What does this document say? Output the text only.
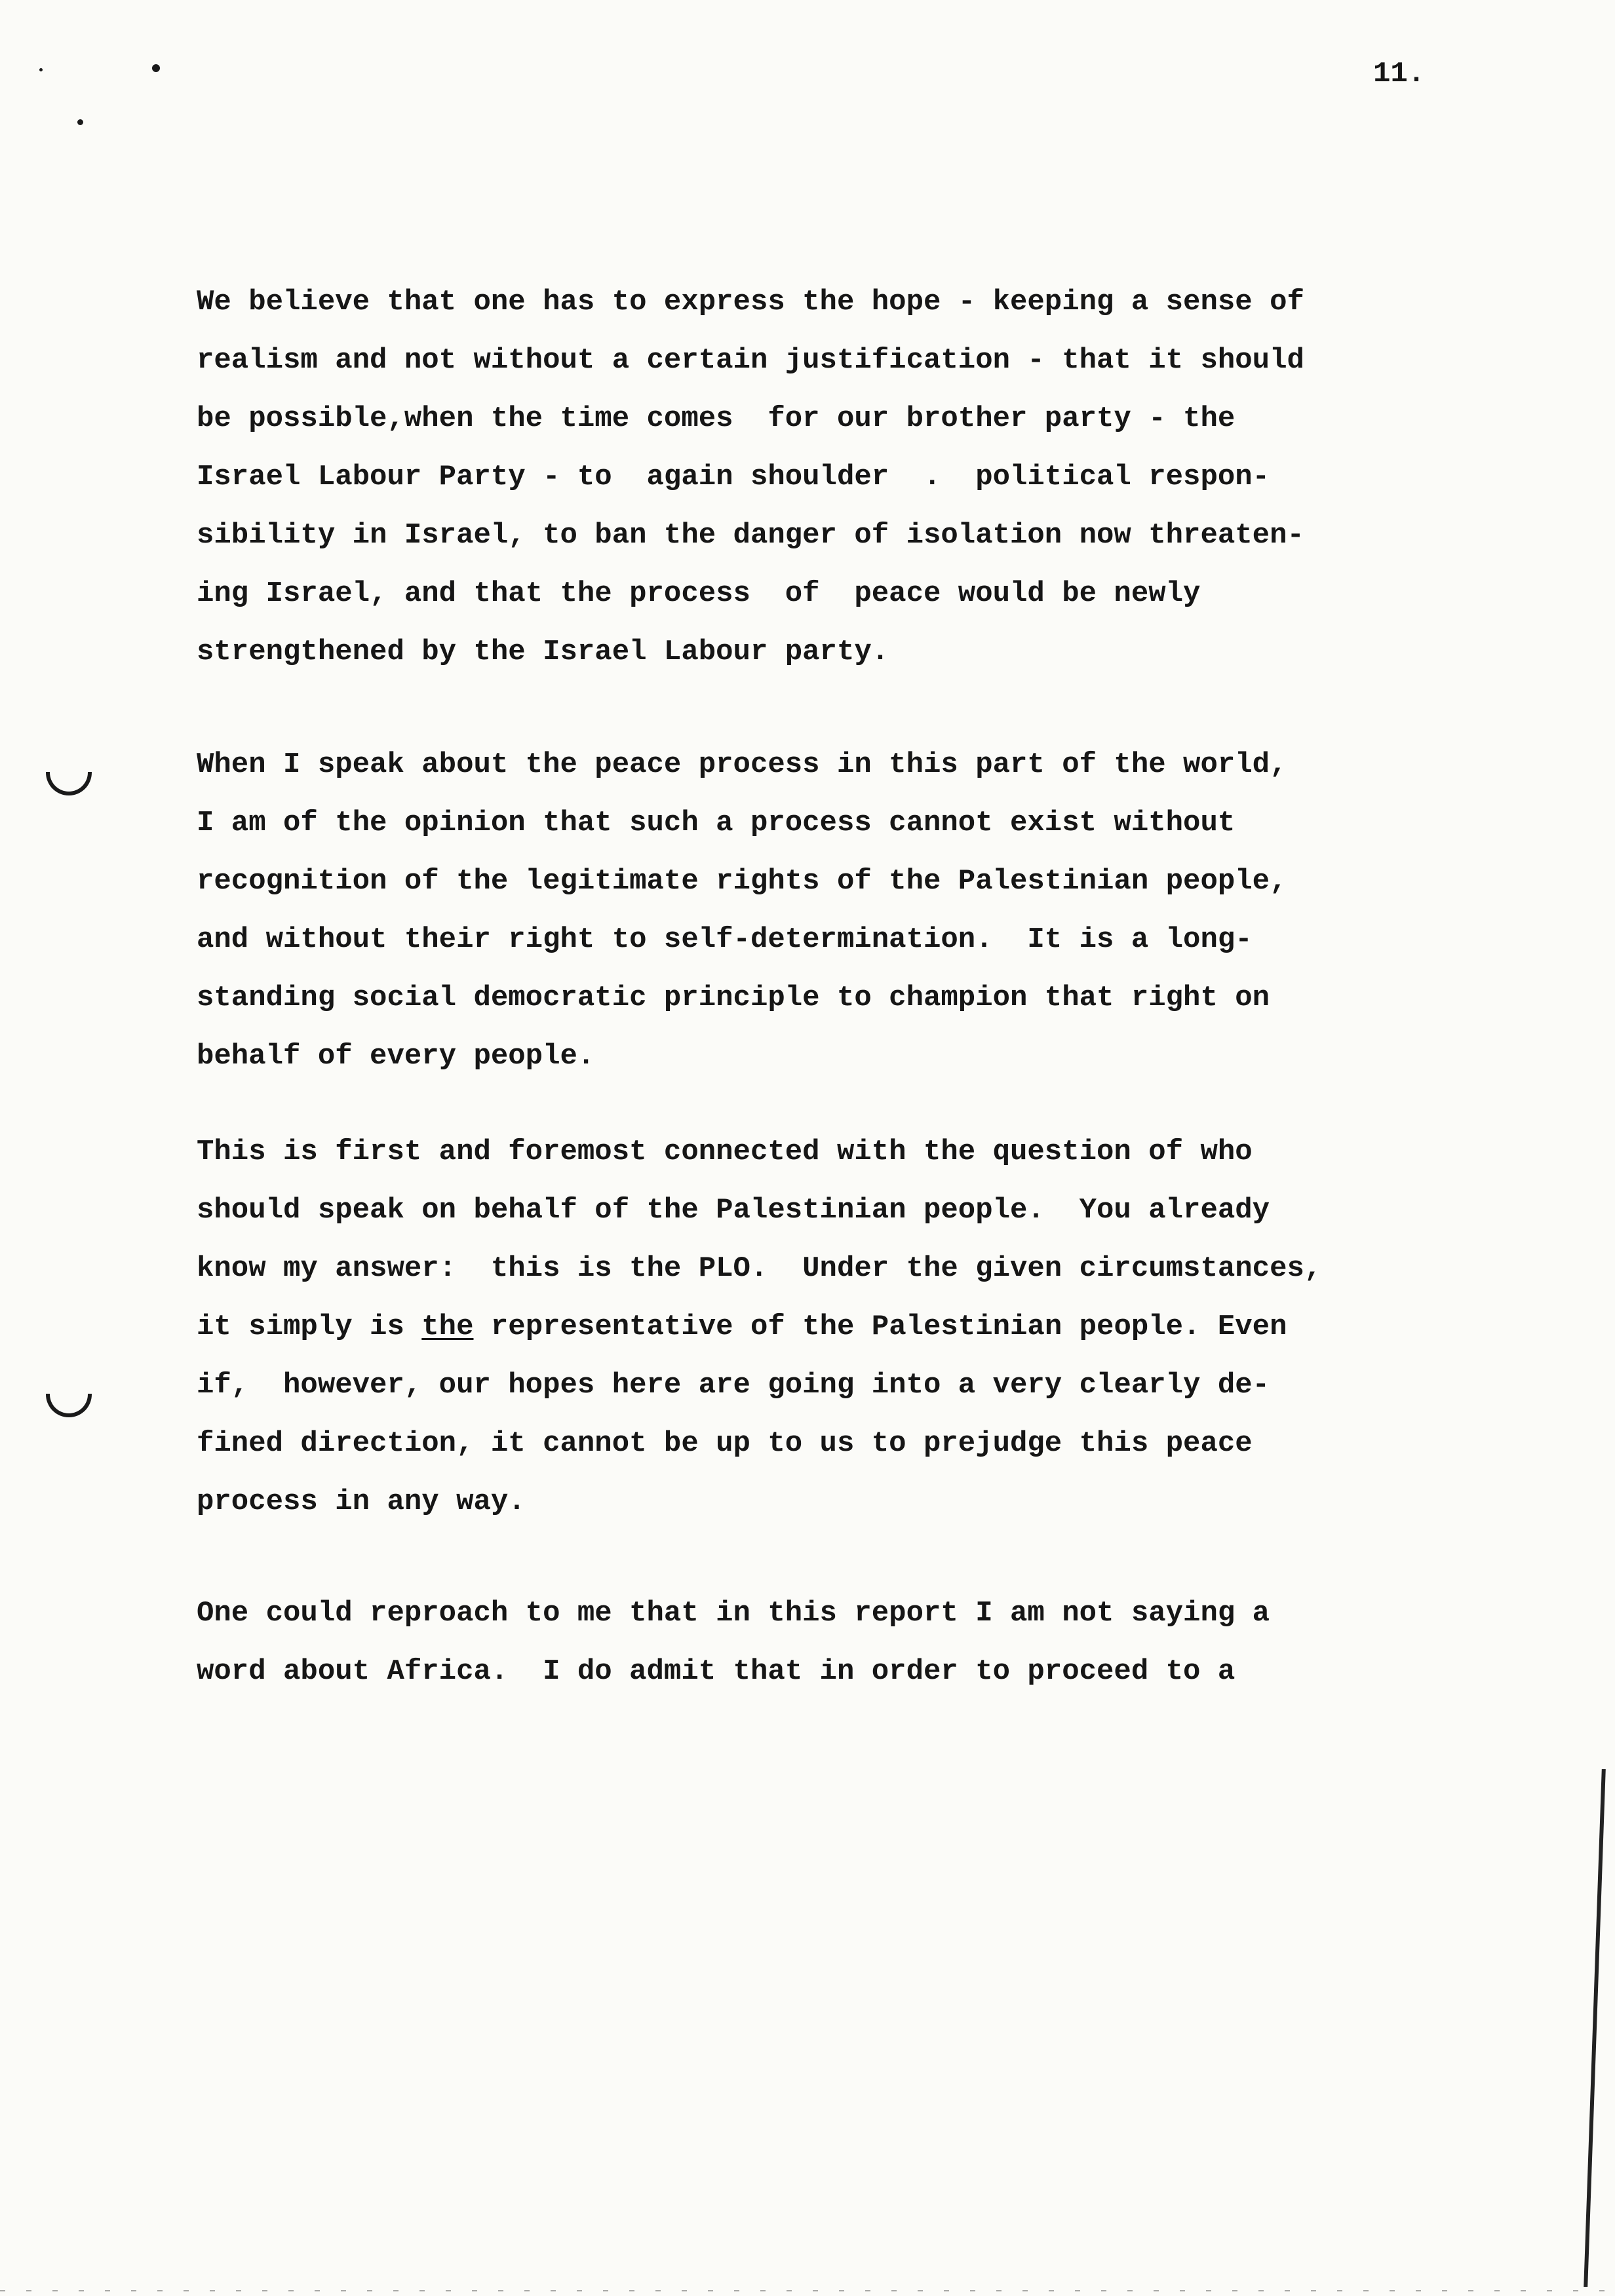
11.
We believe that one has to express the hope - keeping a sense of
realism and not without a certain justification - that it should
be possible,when the time comes  for our brother party - the
Israel Labour Party - to  again shoulder  .  political respon-
sibility in Israel, to ban the danger of isolation now threaten-
ing Israel, and that the process  of  peace would be newly
strengthened by the Israel Labour party.
When I speak about the peace process in this part of the world,
I am of the opinion that such a process cannot exist without
recognition of the legitimate rights of the Palestinian people,
and without their right to self-determination.  It is a long-
standing social democratic principle to champion that right on
behalf of every people.
This is first and foremost connected with the question of who
should speak on behalf of the Palestinian people.  You already
know my answer:  this is the PLO.  Under the given circumstances,
it simply is the representative of the Palestinian people. Even
if,  however, our hopes here are going into a very clearly de-
fined direction, it cannot be up to us to prejudge this peace
process in any way.
One could reproach to me that in this report I am not saying a
word about Africa.  I do admit that in order to proceed to a
